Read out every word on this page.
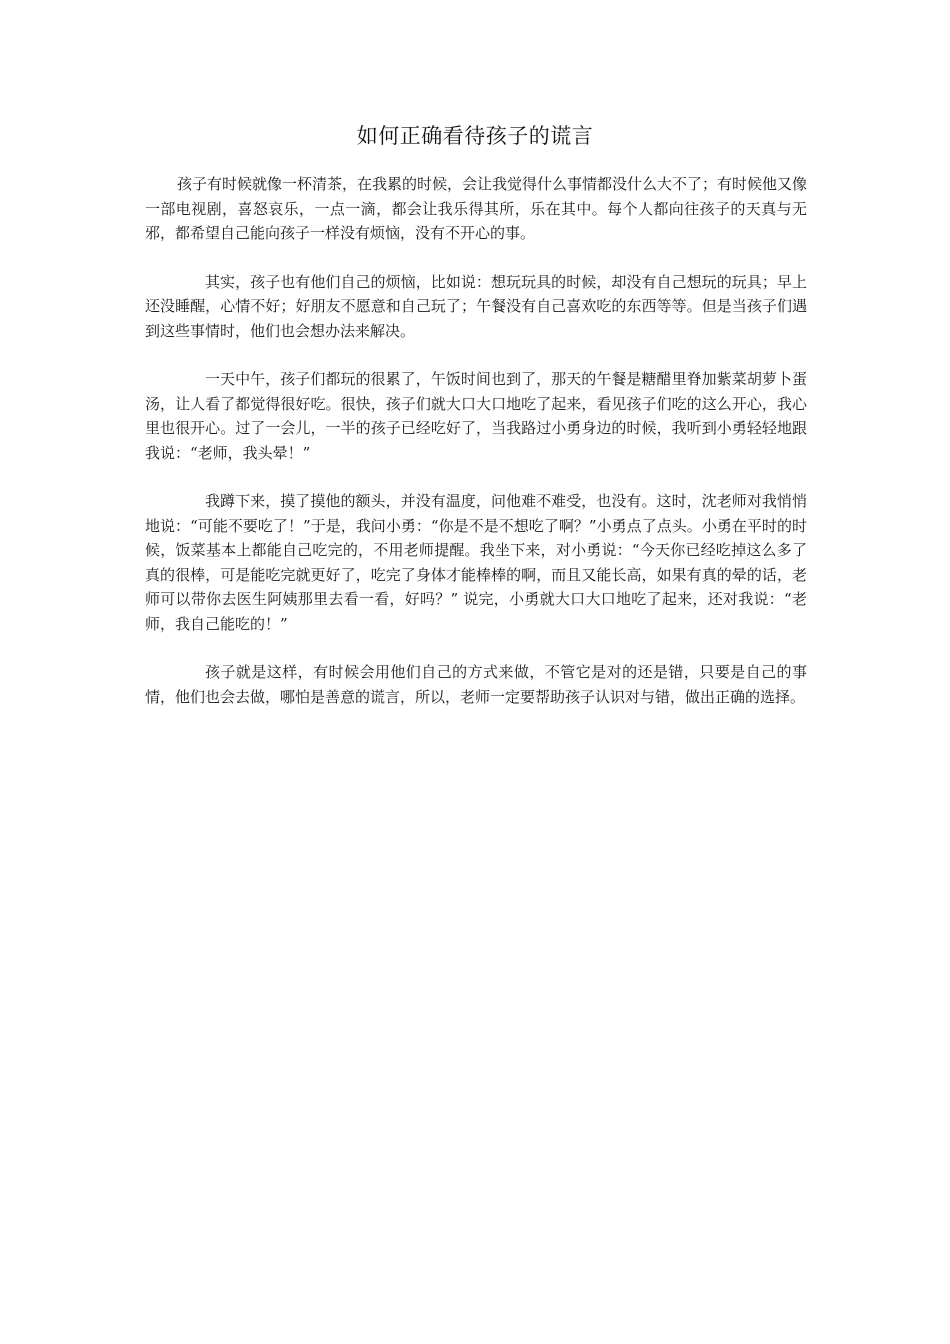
如何正确看待孩子的谎言

孩子有时候就像一杯清茶，在我累的时候，会让我觉得什么事情都没什么大不了；有时候他又像一部电视剧，喜怒哀乐，一点一滴，都会让我乐得其所，乐在其中。每个人都向往孩子的天真与无邪，都希望自己能向孩子一样没有烦恼，没有不开心的事。

其实，孩子也有他们自己的烦恼，比如说：想玩玩具的时候，却没有自己想玩的玩具；早上还没睡醒，心情不好；好朋友不愿意和自己玩了；午餐没有自己喜欢吃的东西等等。但是当孩子们遇到这些事情时，他们也会想办法来解决。

一天中午，孩子们都玩的很累了，午饭时间也到了，那天的午餐是糖醋里脊加紫菜胡萝卜蛋汤，让人看了都觉得很好吃。很快，孩子们就大口大口地吃了起来，看见孩子们吃的这么开心，我心里也很开心。过了一会儿，一半的孩子已经吃好了，当我路过小勇身边的时候，我听到小勇轻轻地跟我说：“老师，我头晕！”

我蹲下来，摸了摸他的额头，并没有温度，问他难不难受，也没有。这时，沈老师对我悄悄地说：“可能不要吃了！”于是，我问小勇：“你是不是不想吃了啊？”小勇点了点头。小勇在平时的时候，饭菜基本上都能自己吃完的，不用老师提醒。我坐下来，对小勇说：“今天你已经吃掉这么多了真的很棒，可是能吃完就更好了，吃完了身体才能棒棒的啊，而且又能长高，如果有真的晕的话，老师可以带你去医生阿姨那里去看一看，好吗？” 说完，小勇就大口大口地吃了起来，还对我说：“老师，我自己能吃的！”

孩子就是这样，有时候会用他们自己的方式来做，不管它是对的还是错，只要是自己的事情，他们也会去做，哪怕是善意的谎言，所以，老师一定要帮助孩子认识对与错，做出正确的选择。
